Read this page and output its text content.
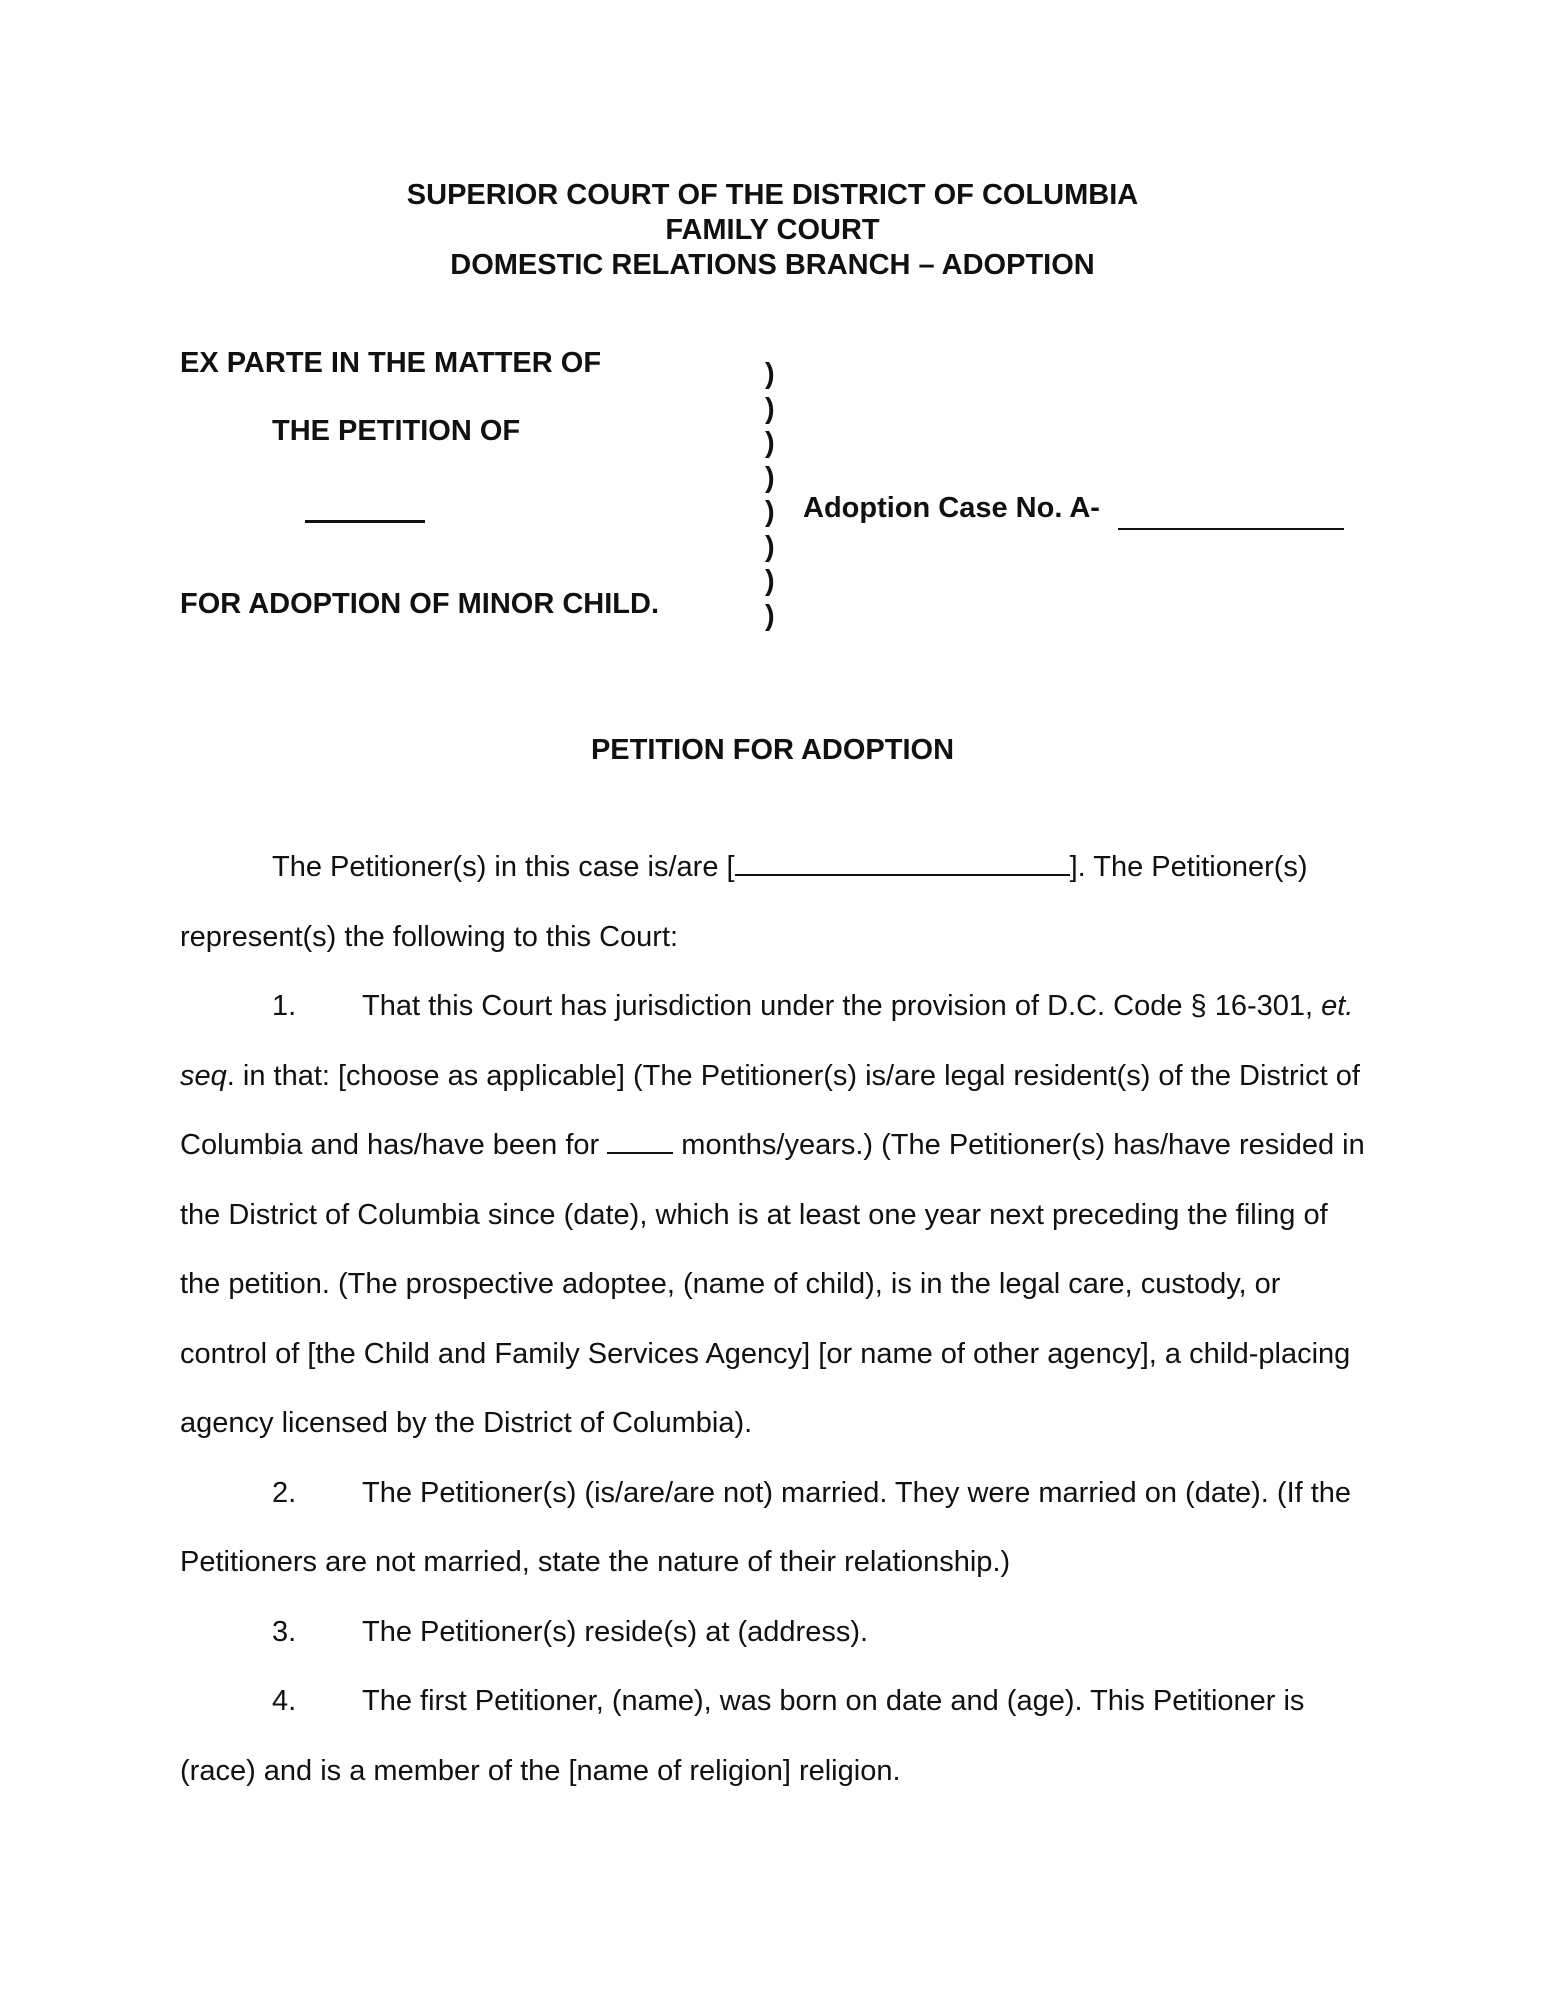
SUPERIOR COURT OF THE DISTRICT OF COLUMBIA
FAMILY COURT
DOMESTIC RELATIONS BRANCH – ADOPTION
EX PARTE IN THE MATTER OF
THE PETITION OF
FOR ADOPTION OF MINOR CHILD.
)
)
)
)
)
)
)
)
Adoption Case No. A-
PETITION FOR ADOPTION

The Petitioner(s) in this case is/are [	]. The Petitioner(s) represent(s) the following to this Court:

1. That this Court has jurisdiction under the provision of D.C. Code § 16-301, et. seq. in that: [choose as applicable] (The Petitioner(s) is/are legal resident(s) of the District of Columbia and has/have been for  months/years.) (The Petitioner(s) has/have resided in the District of Columbia since (date), which is at least one year next preceding the filing of the petition. (The prospective adoptee, (name of child), is in the legal care, custody, or control of [the Child and Family Services Agency] [or name of other agency], a child-placing agency licensed by the District of Columbia).

2. The Petitioner(s) (is/are/are not) married. They were married on (date). (If the Petitioners are not married, state the nature of their relationship.)

3. The Petitioner(s) reside(s) at (address).

4. The first Petitioner, (name), was born on date and (age). This Petitioner is (race) and is a member of the [name of religion] religion.
